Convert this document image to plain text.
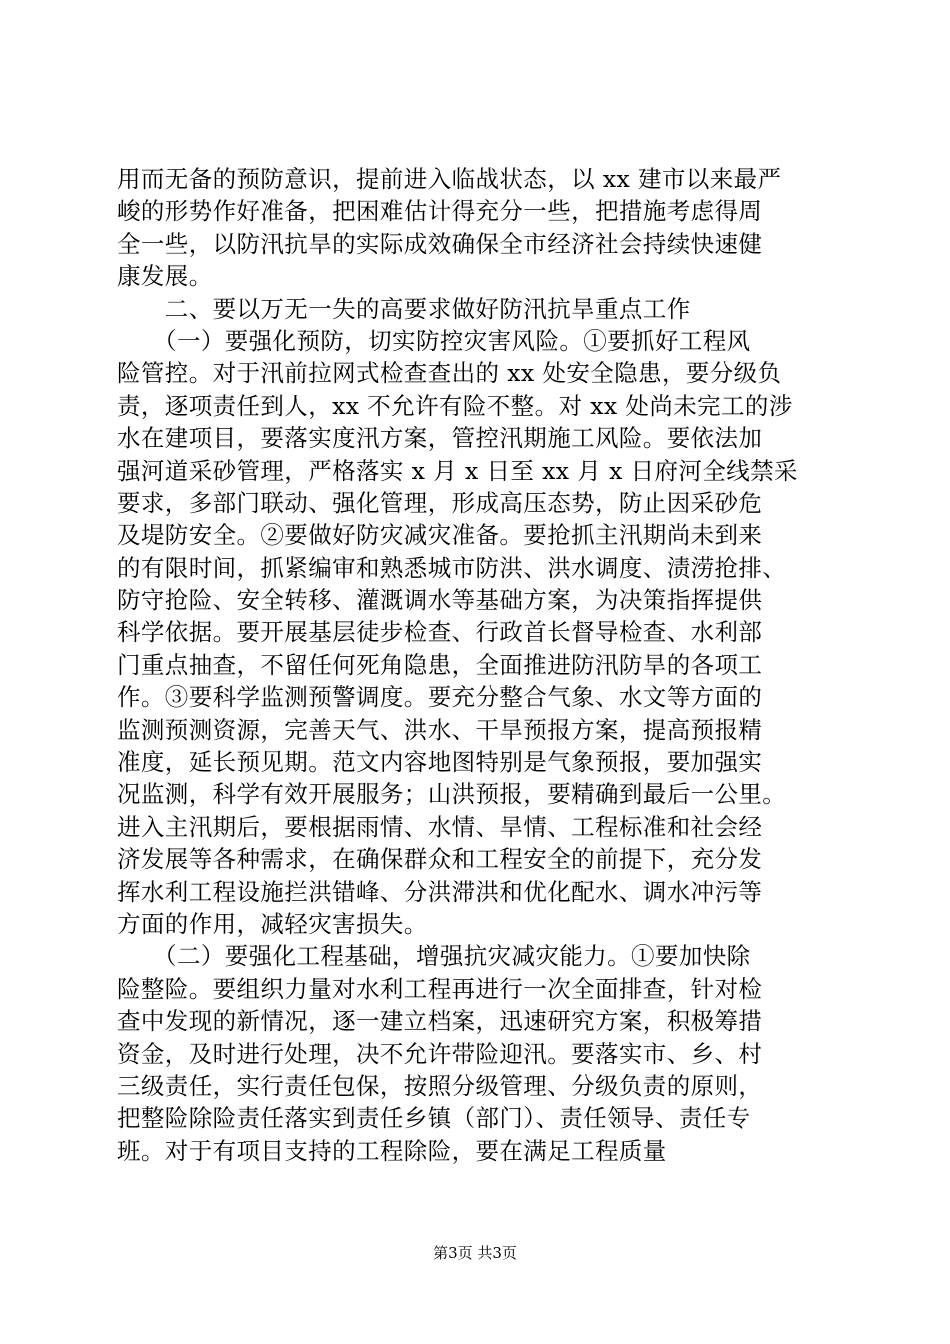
用而无备的预防意识，提前进入临战状态，以 xx 建市以来最严
峻的形势作好准备，把困难估计得充分一些，把措施考虑得周
全一些，以防汛抗旱的实际成效确保全市经济社会持续快速健
康发展。
　　二、要以万无一失的高要求做好防汛抗旱重点工作
　　（一）要强化预防，切实防控灾害风险。①要抓好工程风
险管控。对于汛前拉网式检查查出的 xx 处安全隐患，要分级负
责，逐项责任到人，xx 不允许有险不整。对 xx 处尚未完工的涉
水在建项目，要落实度汛方案，管控汛期施工风险。要依法加
强河道采砂管理，严格落实 x 月 x 日至 xx 月 x 日府河全线禁采
要求，多部门联动、强化管理，形成高压态势，防止因采砂危
及堤防安全。②要做好防灾减灾准备。要抢抓主汛期尚未到来
的有限时间，抓紧编审和熟悉城市防洪、洪水调度、渍涝抢排、
防守抢险、安全转移、灌溉调水等基础方案，为决策指挥提供
科学依据。要开展基层徒步检查、行政首长督导检查、水利部
门重点抽查，不留任何死角隐患，全面推进防汛防旱的各项工
作。③要科学监测预警调度。要充分整合气象、水文等方面的
监测预测资源，完善天气、洪水、干旱预报方案，提高预报精
准度，延长预见期。范文内容地图特别是气象预报，要加强实
况监测，科学有效开展服务；山洪预报，要精确到最后一公里。
进入主汛期后，要根据雨情、水情、旱情、工程标准和社会经
济发展等各种需求，在确保群众和工程安全的前提下，充分发
挥水利工程设施拦洪错峰、分洪滞洪和优化配水、调水冲污等
方面的作用，减轻灾害损失。
　　（二）要强化工程基础，增强抗灾减灾能力。①要加快除
险整险。要组织力量对水利工程再进行一次全面排查，针对检
查中发现的新情况，逐一建立档案，迅速研究方案，积极筹措
资金，及时进行处理，决不允许带险迎汛。要落实市、乡、村
三级责任，实行责任包保，按照分级管理、分级负责的原则，
把整险除险责任落实到责任乡镇（部门）、责任领导、责任专
班。对于有项目支持的工程除险，要在满足工程质量
第3页 共3页
